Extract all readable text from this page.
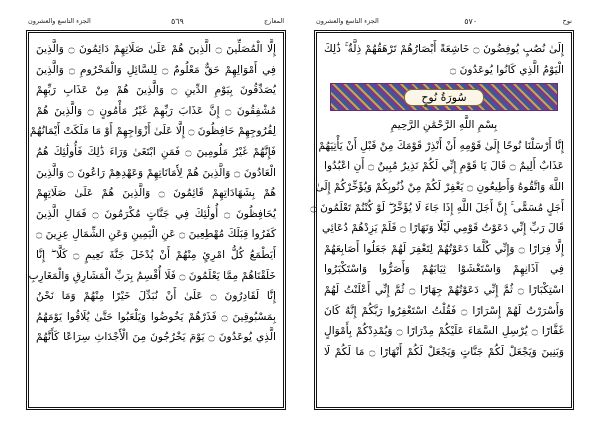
المعارج
٥٦٩
الجزء التاسع والعشرون
إِلَّا الْمُصَلِّينَ ۝ الَّذِينَ هُمْ عَلَىٰ صَلَاتِهِمْ دَائِمُونَ ۝ وَالَّذِينَ
فِي أَمْوَالِهِمْ حَقٌّ مَعْلُومٌ ۝ لِلسَّائِلِ وَالْمَحْرُومِ ۝ وَالَّذِينَ
يُصَدِّقُونَ بِيَوْمِ الدِّينِ ۝ وَالَّذِينَ هُمْ مِنْ عَذَابِ رَبِّهِمْ
مُشْفِقُونَ ۝ إِنَّ عَذَابَ رَبِّهِمْ غَيْرُ مَأْمُونٍ ۝ وَالَّذِينَ هُمْ
لِفُرُوجِهِمْ حَافِظُونَ ۝ إِلَّا عَلَىٰ أَزْوَاجِهِمْ أَوْ مَا مَلَكَتْ أَيْمَانُهُمْ
فَإِنَّهُمْ غَيْرُ مَلُومِينَ ۝ فَمَنِ ابْتَغَىٰ وَرَاءَ ذَٰلِكَ فَأُولَٰئِكَ هُمُ
الْعَادُونَ ۝ وَالَّذِينَ هُمْ لِأَمَانَاتِهِمْ وَعَهْدِهِمْ رَاعُونَ ۝ وَالَّذِينَ
هُمْ بِشَهَادَاتِهِمْ قَائِمُونَ ۝ وَالَّذِينَ هُمْ عَلَىٰ صَلَاتِهِمْ
يُحَافِظُونَ ۝ أُولَٰئِكَ فِي جَنَّاتٍ مُكْرَمُونَ ۝ فَمَالِ الَّذِينَ
كَفَرُوا قِبَلَكَ مُهْطِعِينَ ۝ عَنِ الْيَمِينِ وَعَنِ الشِّمَالِ عِزِينَ ۝
أَيَطْمَعُ كُلُّ امْرِئٍ مِنْهُمْ أَنْ يُدْخَلَ جَنَّةَ نَعِيمٍ ۝ كَلَّا ۖ إِنَّا
خَلَقْنَاهُمْ مِمَّا يَعْلَمُونَ ۝ فَلَا أُقْسِمُ بِرَبِّ الْمَشَارِقِ وَالْمَغَارِبِ
إِنَّا لَقَادِرُونَ ۝ عَلَىٰ أَنْ نُبَدِّلَ خَيْرًا مِنْهُمْ وَمَا نَحْنُ
بِمَسْبُوقِينَ ۝ فَذَرْهُمْ يَخُوضُوا وَيَلْعَبُوا حَتَّىٰ يُلَاقُوا يَوْمَهُمُ
الَّذِي يُوعَدُونَ ۝ يَوْمَ يَخْرُجُونَ مِنَ الْأَجْدَاثِ سِرَاعًا كَأَنَّهُمْ
نوح
٥٧٠
الجزء التاسع والعشرون
إِلَىٰ نُصُبٍ يُوفِضُونَ ۝ خَاشِعَةً أَبْصَارُهُمْ تَرْهَقُهُمْ ذِلَّةٌ ۚ ذَٰلِكَ
الْيَوْمُ الَّذِي كَانُوا يُوعَدُونَ ۝
سُورَةُ نُوحٍ
بِسْمِ اللَّهِ الرَّحْمَٰنِ الرَّحِيمِ
إِنَّا أَرْسَلْنَا نُوحًا إِلَىٰ قَوْمِهِ أَنْ أَنْذِرْ قَوْمَكَ مِنْ قَبْلِ أَنْ يَأْتِيَهُمْ
عَذَابٌ أَلِيمٌ ۝ قَالَ يَا قَوْمِ إِنِّي لَكُمْ نَذِيرٌ مُبِينٌ ۝ أَنِ اعْبُدُوا
اللَّهَ وَاتَّقُوهُ وَأَطِيعُونِ ۝ يَغْفِرْ لَكُمْ مِنْ ذُنُوبِكُمْ وَيُؤَخِّرْكُمْ إِلَىٰ
أَجَلٍ مُسَمًّى ۚ إِنَّ أَجَلَ اللَّهِ إِذَا جَاءَ لَا يُؤَخَّرُ ۖ لَوْ كُنْتُمْ تَعْلَمُونَ ۝
قَالَ رَبِّ إِنِّي دَعَوْتُ قَوْمِي لَيْلًا وَنَهَارًا ۝ فَلَمْ يَزِدْهُمْ دُعَائِي
إِلَّا فِرَارًا ۝ وَإِنِّي كُلَّمَا دَعَوْتُهُمْ لِتَغْفِرَ لَهُمْ جَعَلُوا أَصَابِعَهُمْ
فِي آذَانِهِمْ وَاسْتَغْشَوْا ثِيَابَهُمْ وَأَصَرُّوا وَاسْتَكْبَرُوا
اسْتِكْبَارًا ۝ ثُمَّ إِنِّي دَعَوْتُهُمْ جِهَارًا ۝ ثُمَّ إِنِّي أَعْلَنْتُ لَهُمْ
وَأَسْرَرْتُ لَهُمْ إِسْرَارًا ۝ فَقُلْتُ اسْتَغْفِرُوا رَبَّكُمْ إِنَّهُ كَانَ
غَفَّارًا ۝ يُرْسِلِ السَّمَاءَ عَلَيْكُمْ مِدْرَارًا ۝ وَيُمْدِدْكُمْ بِأَمْوَالٍ
وَبَنِينَ وَيَجْعَلْ لَكُمْ جَنَّاتٍ وَيَجْعَلْ لَكُمْ أَنْهَارًا ۝ مَا لَكُمْ لَا
